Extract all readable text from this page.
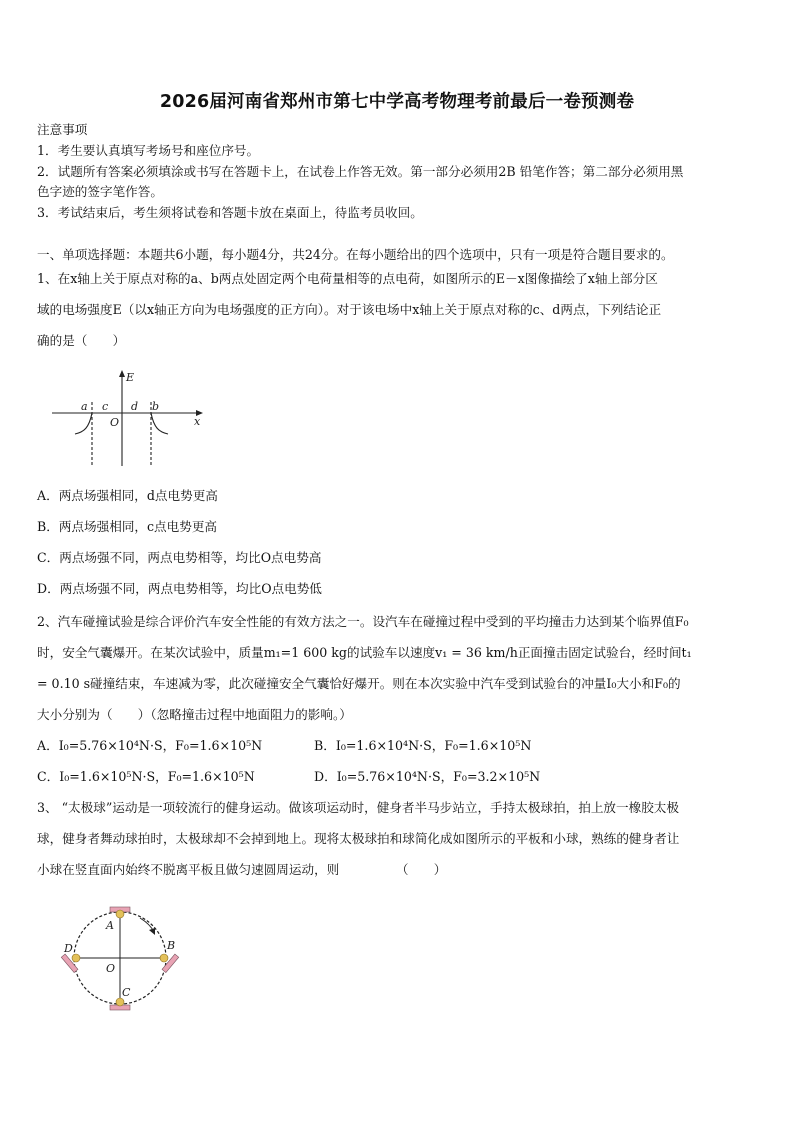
2026届河南省郑州市第七中学高考物理考前最后一卷预测卷
注意事项
1．考生要认真填写考场号和座位序号。
2．试题所有答案必须填涂或书写在答题卡上，在试卷上作答无效。第一部分必须用2B 铅笔作答；第二部分必须用黑
色字迹的签字笔作答。
3．考试结束后，考生须将试卷和答题卡放在桌面上，待监考员收回。
一、单项选择题：本题共6小题，每小题4分，共24分。在每小题给出的四个选项中，只有一项是符合题目要求的。
1、在x轴上关于原点对称的a、b两点处固定两个电荷量相等的点电荷，如图所示的E－x图像描绘了x轴上部分区
域的电场强度E（以x轴正方向为电场强度的正方向）。对于该电场中x轴上关于原点对称的c、d两点，下列结论正
确的是（　　）
E
x
a c
O
d b
A．两点场强相同，d点电势更高
B．两点场强相同，c点电势更高
C．两点场强不同，两点电势相等，均比O点电势高
D．两点场强不同，两点电势相等，均比O点电势低
2、汽车碰撞试验是综合评价汽车安全性能的有效方法之一。设汽车在碰撞过程中受到的平均撞击力达到某个临界值F₀
时，安全气囊爆开。在某次试验中，质量m₁=1 600 kg的试验车以速度v₁ = 36 km/h正面撞击固定试验台，经时间t₁
= 0.10 s碰撞结束，车速减为零，此次碰撞安全气囊恰好爆开。则在本次实验中汽车受到试验台的冲量I₀大小和F₀的
大小分别为（　　）（忽略撞击过程中地面阻力的影响。）
A．I₀=5.76×10⁴N·S，F₀=1.6×10⁵N	B．I₀=1.6×10⁴N·S，F₀=1.6×10⁵N
C．I₀=1.6×10⁵N·S，F₀=1.6×10⁵N	D．I₀=5.76×10⁴N·S，F₀=3.2×10⁵N
3、 “太极球”运动是一项较流行的健身运动。做该项运动时，健身者半马步站立，手持太极球拍，拍上放一橡胶太极
球，健身者舞动球拍时，太极球却不会掉到地上。现将太极球拍和球简化成如图所示的平板和小球，熟练的健身者让
小球在竖直面内始终不脱离平板且做匀速圆周运动，则　　　　　（　　）
A
B
C
D
O
